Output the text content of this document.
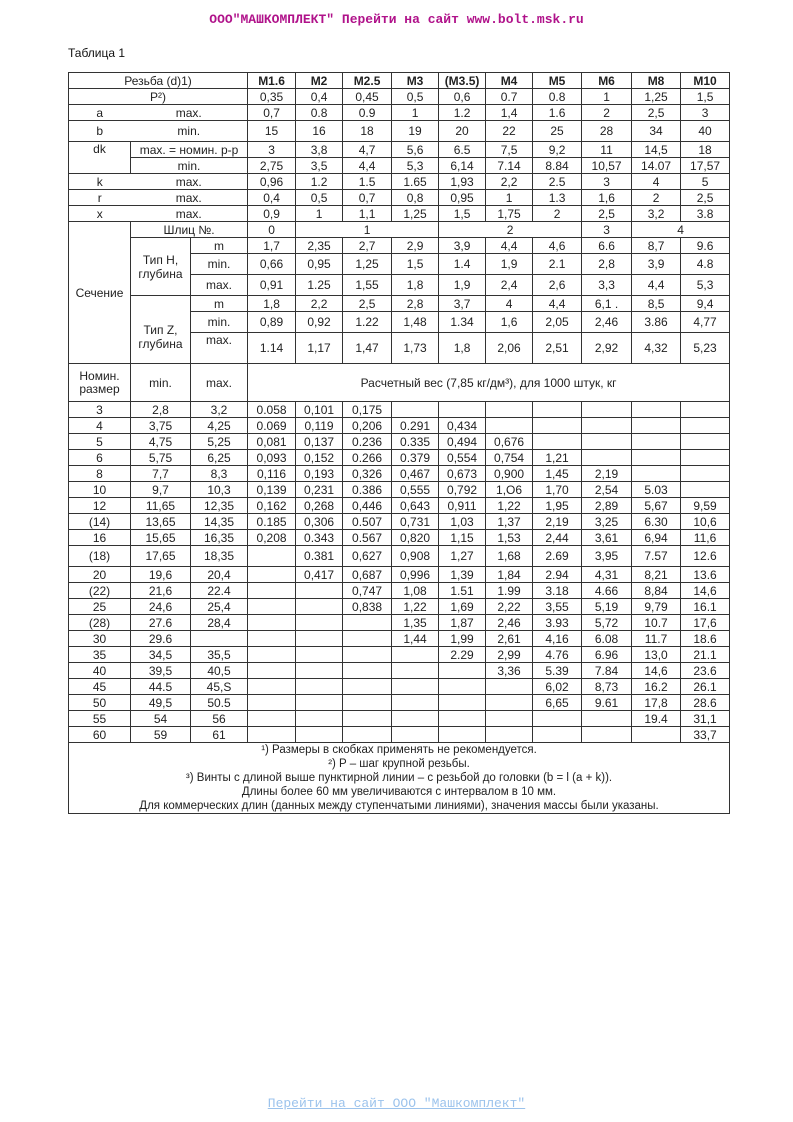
ООО"МАШКОМПЛЕКТ" Перейти на сайт www.bolt.msk.ru
Таблица 1
Резьба (d)1)			M1.6	M2	M2.5	M3	(M3.5)	M4	M5	M6	M8	M10
P²)			0,35	0,4	0,45	0,5	0,6	0.7	0.8	1	1,25	1,5
a	max.		0,7	0.8	0.9	1	1.2	1,4	1.6	2	2,5	3
b	min.		15	16	18	19	20	22	25	28	34	40
dk	max. = номин. р-р		3	3,8	4,7	5,6	6.5	7,5	9,2	11	14,5	18
	min.		2,75	3,5	4,4	5,3	6,14	7.14	8.84	10,57	14.07	17,57
k	max.		0,96	1.2	1.5	1.65	1,93	2,2	2.5	3	4	5
r	max.		0,4	0,5	0,7	0,8	0,95	1	1.3	1,6	2	2,5
x	max.		0,9	1	1,1	1,25	1,5	1,75	2	2,5	3,2	3.8
Сечение	Шлиц №.		0	1			2			3	4	
	Тип Н, глубина	m	1,7	2,35	2,7	2,9	3,9	4,4	4,6	6.6	8,7	9.6
		min.	0,66	0,95	1,25	1,5	1.4	1,9	2.1	2,8	3,9	4.8
		max.	0,91	1.25	1,55	1,8	1,9	2,4	2,6	3,3	4,4	5,3
	Тип Z, глубина	m	1,8	2,2	2,5	2,8	3,7	4	4,4	6,1 .	8,5	9,4
		min.	0,89	0,92	1.22	1,48	1.34	1,6	2,05	2,46	3.86	4,77
		max.	1.14	1,17	1,47	1,73	1,8	2,06	2,51	2,92	4,32	5,23
Номин. размер	min.	max.	Расчетный вес (7,85 кг/дм³), для 1000 штук, кг									
3	2,8	3,2	0.058	0,101	0,175							
4	3,75	4,25	0.069	0,119	0,206	0.291	0,434					
5	4,75	5,25	0,081	0,137	0.236	0.335	0,494	0,676				
6	5,75	6,25	0,093	0,152	0.266	0.379	0,554	0,754	1,21			
8	7,7	8,3	0,116	0,193	0,326	0,467	0,673	0,900	1,45	2,19		
10	9,7	10,3	0,139	0,231	0.386	0,555	0,792	1,O6	1,70	2,54	5.03	
12	11,65	12,35	0,162	0,268	0,446	0,643	0,911	1,22	1,95	2,89	5,67	9,59
(14)	13,65	14,35	0.185	0,306	0.507	0,731	1,03	1,37	2,19	3,25	6.30	10,6
16	15,65	16,35	0,208	0.343	0.567	0,820	1,15	1,53	2,44	3,61	6,94	11,6
(18)	17,65	18,35		0.381	0,627	0,908	1,27	1,68	2.69	3,95	7.57	12.6
20	19,6	20,4		0,417	0,687	0,996	1,39	1,84	2.94	4,31	8,21	13.6
(22)	21,6	22.4			0,747	1,08	1.51	1.99	3.18	4.66	8,84	14,6
25	24,6	25,4			0,838	1,22	1,69	2,22	3,55	5,19	9,79	16.1
(28)	27.6	28,4				1,35	1,87	2,46	3.93	5,72	10.7	17,6
30	29.6					1,44	1,99	2,61	4,16	6.08	11.7	18.6
35	34,5	35,5					2.29	2,99	4.76	6.96	13,0	21.1
40	39,5	40,5						3,36	5.39	7.84	14,6	23.6
45	44.5	45,S							6,02	8,73	16.2	26.1
50	49,5	50.5							6,65	9.61	17,8	28.6
55	54	56									19.4	31,1
60	59	61										33,7

¹) Размеры в скобках применять не рекомендуется.
²) P – шаг крупной резьбы.
³) Винты с длиной выше пунктирной линии – с резьбой до головки (b = l (a + k)).
Длины более 60 мм увеличиваются с интервалом в 10 мм.
Для коммерческих длин (данных между ступенчатыми линиями), значения массы были указаны.												
Перейти на сайт ООО "Машкомплект"
